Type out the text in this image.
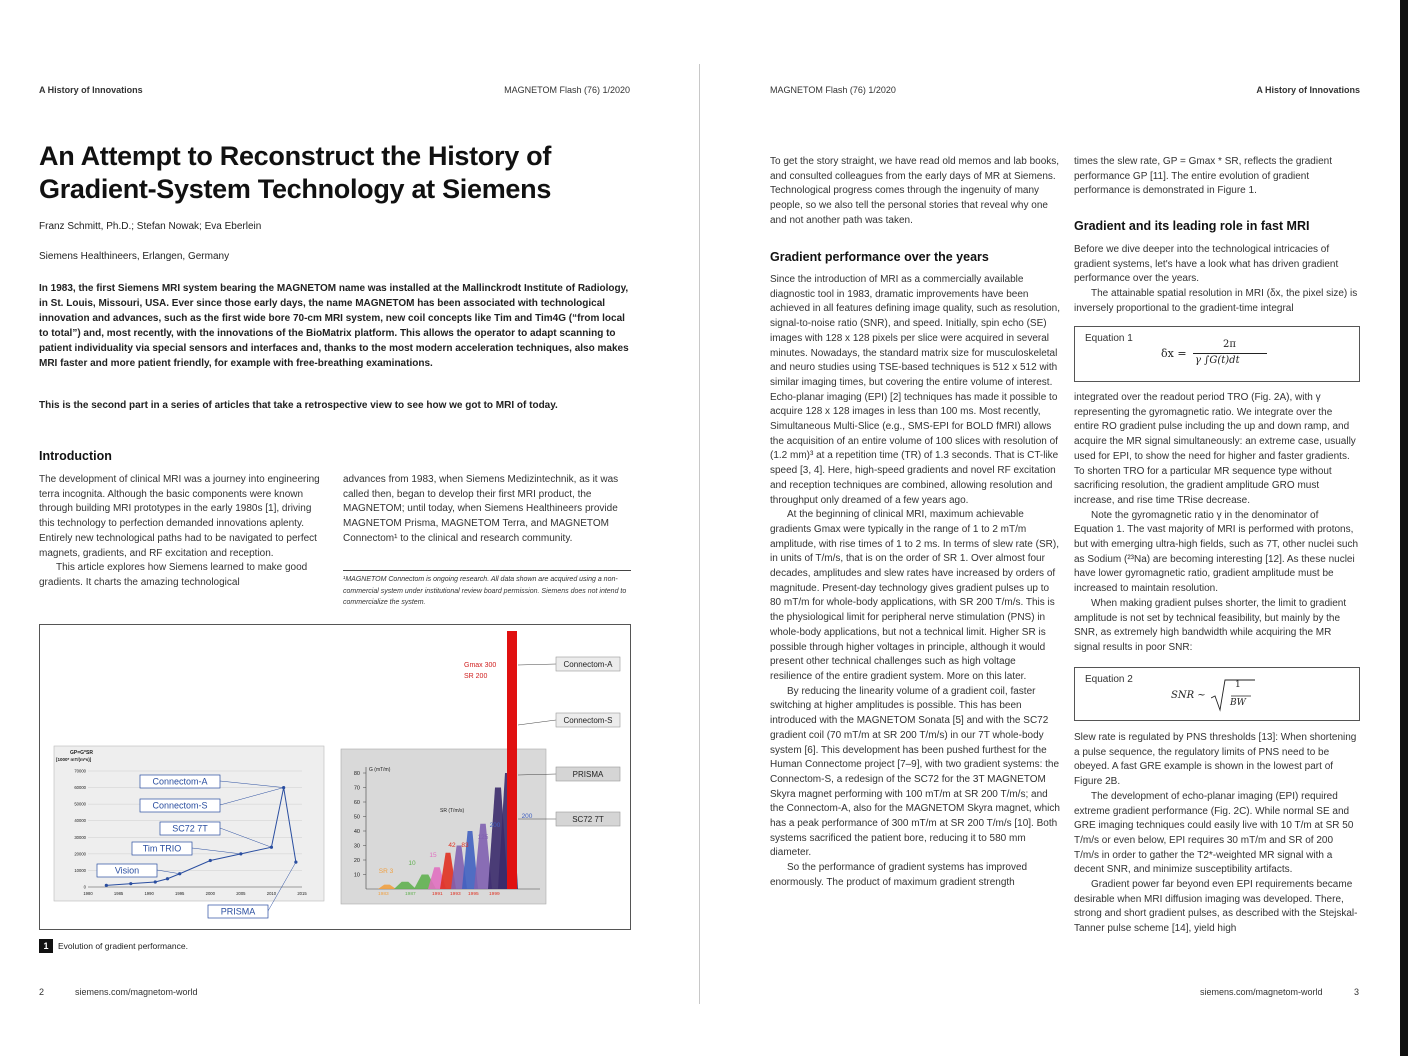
A History of Innovations	MAGNETOM Flash (76) 1/2020
An Attempt to Reconstruct the History of
Gradient-System Technology at Siemens
Franz Schmitt, Ph.D.; Stefan Nowak; Eva Eberlein
Siemens Healthineers, Erlangen, Germany
In 1983, the first Siemens MRI system bearing the MAGNETOM name was installed at the Mallinckrodt Institute of Radiology, in St. Louis, Missouri, USA. Ever since those early days, the name MAGNETOM has been associated with technological innovation and advances, such as the first wide bore 70-cm MRI system, new coil concepts like Tim and Tim4G (“from local to total”) and, most recently, with the innovations of the BioMatrix platform. This allows the operator to adapt scanning to patient individuality via special sensors and interfaces and, thanks to the most modern acceleration techniques, also makes MRI faster and more patient friendly, for example with free-breathing examinations.
This is the second part in a series of articles that take a retrospective view to see how we got to MRI of today.
Introduction

The development of clinical MRI was a journey into engineering terra incognita. Although the basic components were known through building MRI prototypes in the early 1980s [1], driving this technology to perfection demanded innovations aplenty. Entirely new technological paths had to be navigated to perfect magnets, gradients, and RF excitation and reception.

This article explores how Siemens learned to make good gradients. It charts the amazing technological

advances from 1983, when Siemens Medizintechnik, as it was called then, began to develop their first MRI product, the MAGNETOM; until today, when Siemens Healthineers provide MAGNETOM Prisma, MAGNETOM Terra, and MAGNETOM Connectom¹ to the clinical and research community.

¹MAGNETOM Connectom is ongoing research. All data shown are acquired using a non-commercial system under institutional review board permission. Siemens does not intend to commercialize the system.
GP=G*SR
[1000* mT/(m*s)]
0
10000
20000
30000
40000
50000
60000
70000
1980	1985	1990	1995	2000	2005	2010	2015
Connectom-A
Connectom-S
SC72 7T
Tim TRIO
Vision
PRISMA
G (mT/m)
SR (T/m/s)
10
20
30
40
50
60
70
80
1983	1987	1991 1993 1995 1999
SR 3
10
15
42 83
125
200
200
Gmax 300
SR 200
Connectom-A
Connectom-S
PRISMA
SC72 7T
1	Evolution of gradient performance.
2	siemens.com/magnetom-world
MAGNETOM Flash (76) 1/2020	A History of Innovations

To get the story straight, we have read old memos and lab books, and consulted colleagues from the early days of MR at Siemens. Technological progress comes through the ingenuity of many people, so we also tell the personal stories that reveal why one and not another path was taken.

Gradient performance over the years

Since the introduction of MRI as a commercially available diagnostic tool in 1983, dramatic improvements have been achieved in all features defining image quality, such as resolution, signal-to-noise ratio (SNR), and speed. Initially, spin echo (SE) images with 128 x 128 pixels per slice were acquired in several minutes. Nowadays, the standard matrix size for musculoskeletal and neuro studies using TSE-based techniques is 512 x 512 with similar imaging times, but covering the entire volume of interest. Echo-planar imaging (EPI) [2] techniques has made it possible to acquire 128 x 128 images in less than 100 ms. Most recently, Simultaneous Multi-Slice (e.g., SMS-EPI for BOLD fMRI) allows the acquisition of an entire volume of 100 slices with resolution of (1.2 mm)³ at a repetition time (TR) of 1.3 seconds. That is CT-like speed [3, 4]. Here, high-speed gradients and novel RF excitation and reception techniques are combined, allowing resolution and throughput only dreamed of a few years ago.

At the beginning of clinical MRI, maximum achievable gradients Gmax were typically in the range of 1 to 2 mT/m amplitude, with rise times of 1 to 2 ms. In terms of slew rate (SR), in units of T/m/s, that is on the order of SR 1. Over almost four decades, amplitudes and slew rates have increased by orders of magnitude. Present-day technology gives gradient pulses up to 80 mT/m for whole-body applications, with SR 200 T/m/s. This is the physiological limit for peripheral nerve stimulation (PNS) in whole-body applications, but not a technical limit. Higher SR is possible through higher voltages in principle, although it would present other technical challenges such as high voltage resilience of the entire gradient system. More on this later.

By reducing the linearity volume of a gradient coil, faster switching at higher amplitudes is possible. This has been introduced with the MAGNETOM Sonata [5] and with the SC72 gradient coil (70 mT/m at SR 200 T/m/s) in our 7T whole-body system [6]. This development has been pushed furthest for the Human Connectome project [7–9], with two gradient systems: the Connectom-S, a redesign of the SC72 for the 3T MAGNETOM Skyra magnet performing with 100 mT/m at SR 200 T/m/s; and the Connectom-A, also for the MAGNETOM Skyra magnet, which has a peak performance of 300 mT/m at SR 200 T/m/s [10]. Both systems sacrificed the patient bore, reducing it to 580 mm diameter.

So the performance of gradient systems has improved enormously. The product of maximum gradient strength

times the slew rate, GP = Gmax * SR, reflects the gradient performance GP [11]. The entire evolution of gradient performance is demonstrated in Figure 1.

Gradient and its leading role in fast MRI

Before we dive deeper into the technological intricacies of gradient systems, let's have a look what has driven gradient performance over the years.

The attainable spatial resolution in MRI (δx, the pixel size) is inversely proportional to the gradient-time integral

Equation 1
δx =
2π
γ ∫G(t)dt

integrated over the readout period TRO (Fig. 2A), with γ representing the gyromagnetic ratio. We integrate over the entire RO gradient pulse including the up and down ramp, and acquire the MR signal simultaneously: an extreme case, usually used for EPI, to show the need for higher and faster gradients. To shorten TRO for a particular MR sequence type without sacrificing resolution, the gradient amplitude GRO must increase, and rise time TRise decrease.

Note the gyromagnetic ratio γ in the denominator of Equation 1. The vast majority of MRI is performed with protons, but with emerging ultra-high fields, such as 7T, other nuclei such as Sodium (²³Na) are becoming interesting [12]. As these nuclei have lower gyromagnetic ratio, gradient amplitude must be increased to maintain resolution.

When making gradient pulses shorter, the limit to gradient amplitude is not set by technical feasibility, but mainly by the SNR, as extremely high bandwidth while acquiring the MR signal results in poor SNR:

Equation 2
SNR ~
1
BW

Slew rate is regulated by PNS thresholds [13]: When shortening a pulse sequence, the regulatory limits of PNS need to be obeyed. A fast GRE example is shown in the lowest part of Figure 2B.

The development of echo-planar imaging (EPI) required extreme gradient performance (Fig. 2C). While normal SE and GRE imaging techniques could easily live with 10 T/m at SR 50 T/m/s or even below, EPI requires 30 mT/m and SR of 200 T/m/s in order to gather the T2*-weighted MR signal with a decent SNR, and minimize susceptibility artifacts.

Gradient power far beyond even EPI requirements became desirable when MRI diffusion imaging was developed. There, strong and short gradient pulses, as described with the Stejskal-Tanner pulse scheme [14], yield high

siemens.com/magnetom-world	3
